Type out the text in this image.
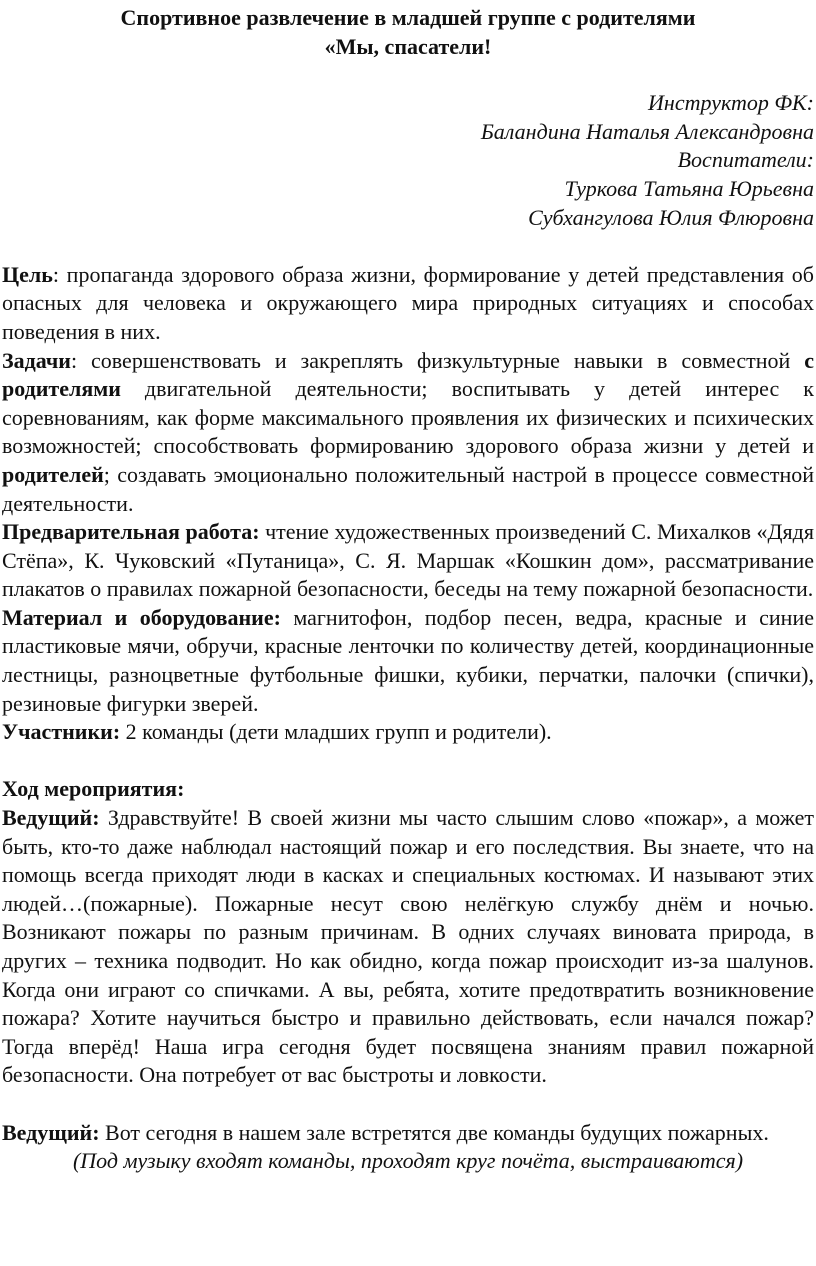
Спортивное развлечение в младшей группе с родителями
«Мы, спасатели!
Инструктор ФК:
Баландина Наталья Александровна
Воспитатели:
Туркова Татьяна Юрьевна
Субхангулова Юлия Флюровна

Цель: пропаганда здорового образа жизни, формирование у детей представления об опасных для человека и окружающего мира природных ситуациях и способах поведения в них.

Задачи: совершенствовать и закреплять физкультурные навыки в совместной с родителями двигательной деятельности; воспитывать у детей интерес к соревнованиям, как форме максимального проявления их физических и психических возможностей; способствовать формированию здорового образа жизни у детей и родителей; создавать эмоционально положительный настрой в процессе совместной деятельности.

Предварительная работа: чтение художественных произведений С. Михалков «Дядя Стёпа», К. Чуковский «Путаница», С. Я. Маршак «Кошкин дом», рассматривание плакатов о правилах пожарной безопасности, беседы на тему пожарной безопасности.

Материал и оборудование: магнитофон, подбор песен, ведра, красные и синие пластиковые мячи, обручи, красные ленточки по количеству детей, координационные лестницы, разноцветные футбольные фишки, кубики, перчатки, палочки (спички), резиновые фигурки зверей.

Участники: 2 команды (дети младших групп и родители).

Ход мероприятия:

Ведущий: Здравствуйте! В своей жизни мы часто слышим слово «пожар», а может быть, кто-то даже наблюдал настоящий пожар и его последствия. Вы знаете, что на помощь всегда приходят люди в касках и специальных костюмах. И называют этих людей…(пожарные). Пожарные несут свою нелёгкую службу днём и ночью. Возникают пожары по разным причинам. В одних случаях виновата природа, в других – техника подводит. Но как обидно, когда пожар происходит из-за шалунов. Когда они играют со спичками. А вы, ребята, хотите предотвратить возникновение пожара? Хотите научиться быстро и правильно действовать, если начался пожар? Тогда вперёд! Наша игра сегодня будет посвящена знаниям правил пожарной безопасности. Она потребует от вас быстроты и ловкости.

Ведущий: Вот сегодня в нашем зале встретятся две команды будущих пожарных.

(Под музыку входят команды, проходят круг почёта, выстраиваются)
